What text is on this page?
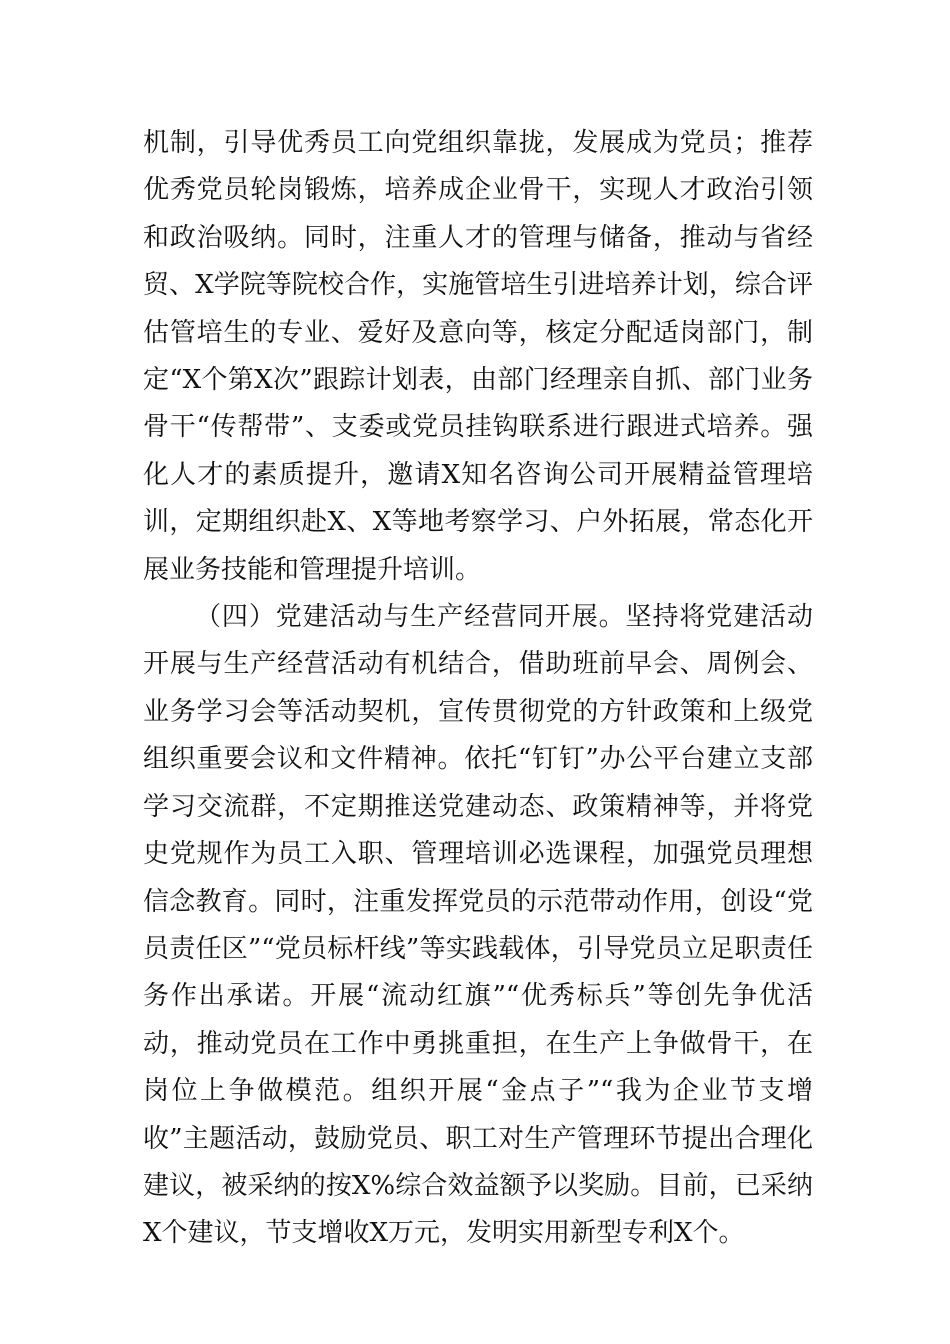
机制，引导优秀员工向党组织靠拢，发展成为党员；推荐优秀党员轮岗锻炼，培养成企业骨干，实现人才政治引领和政治吸纳。同时，注重人才的管理与储备，推动与省经贸、X学院等院校合作，实施管培生引进培养计划，综合评估管培生的专业、爱好及意向等，核定分配适岗部门，制定“X个第X次”跟踪计划表，由部门经理亲自抓、部门业务骨干“传帮带”、支委或党员挂钩联系进行跟进式培养。强化人才的素质提升，邀请X知名咨询公司开展精益管理培训，定期组织赴X、X等地考察学习、户外拓展，常态化开展业务技能和管理提升培训。

（四）党建活动与生产经营同开展。坚持将党建活动开展与生产经营活动有机结合，借助班前早会、周例会、业务学习会等活动契机，宣传贯彻党的方针政策和上级党组织重要会议和文件精神。依托“钉钉”办公平台建立支部学习交流群，不定期推送党建动态、政策精神等，并将党史党规作为员工入职、管理培训必选课程，加强党员理想信念教育。同时，注重发挥党员的示范带动作用，创设“党员责任区”“党员标杆线”等实践载体，引导党员立足职责任务作出承诺。开展“流动红旗”“优秀标兵”等创先争优活动，推动党员在工作中勇挑重担，在生产上争做骨干，在岗位上争做模范。组织开展“金点子”“我为企业节支增收”主题活动，鼓励党员、职工对生产管理环节提出合理化建议，被采纳的按X%综合效益额予以奖励。目前，已采纳X个建议，节支增收X万元，发明实用新型专利X个。
